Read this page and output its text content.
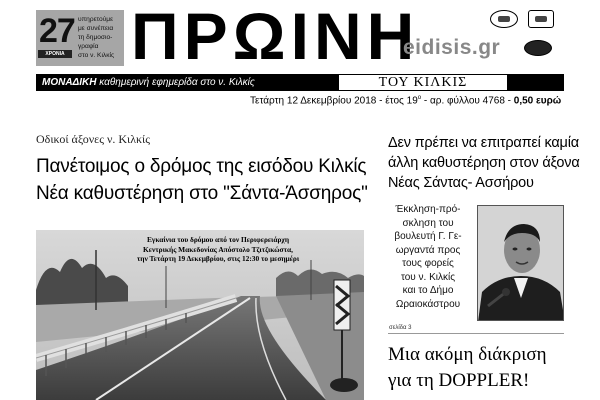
27
ΧΡΟΝΙΑ
υπηρετούμε
με συνέπεια
τη δημοσιο-
γραφία
στο ν. Κιλκίς ΠΡΩΙΝΗ
eidisis.gr
ΜΟΝΑΔΙΚΗ καθημερινή εφημερίδα στο ν. Κιλκίς	ΤΟΥ ΚΙΛΚΙΣ
Τετάρτη 12 Δεκεμβρίου 2018 - έτος $19^o$ - αρ. φύλλου 4768 - 0,50 ευρώ
Οδικοί άξονες ν. Κιλκίς
Πανέτοιμος ο δρόμος της εισόδου Κιλκίς
Νέα καθυστέρηση στο "Σάντα-Άσσηρος"
Εγκαίνια του δρόμου από τον Περιφερειάρχη
Κεντρικής Μακεδονίας Απόστολο Τζιτζικώστα,
την Τετάρτη 19 Δεκεμβρίου, στις 12:30 το μεσημέρι
Δεν πρέπει να επιτραπεί καμία
άλλη καθυστέρηση στον άξονα
Νέας Σάντας- Ασσήρου
Έκκληση-πρό-
σκληση του
βουλευτή Γ. Γε-
ωργαντά προς
τους φορείς
του ν. Κιλκίς
και το Δήμο
Ωραιοκάστρου
σελίδα 3
Μια ακόμη διάκριση
για τη DOPPLER!
